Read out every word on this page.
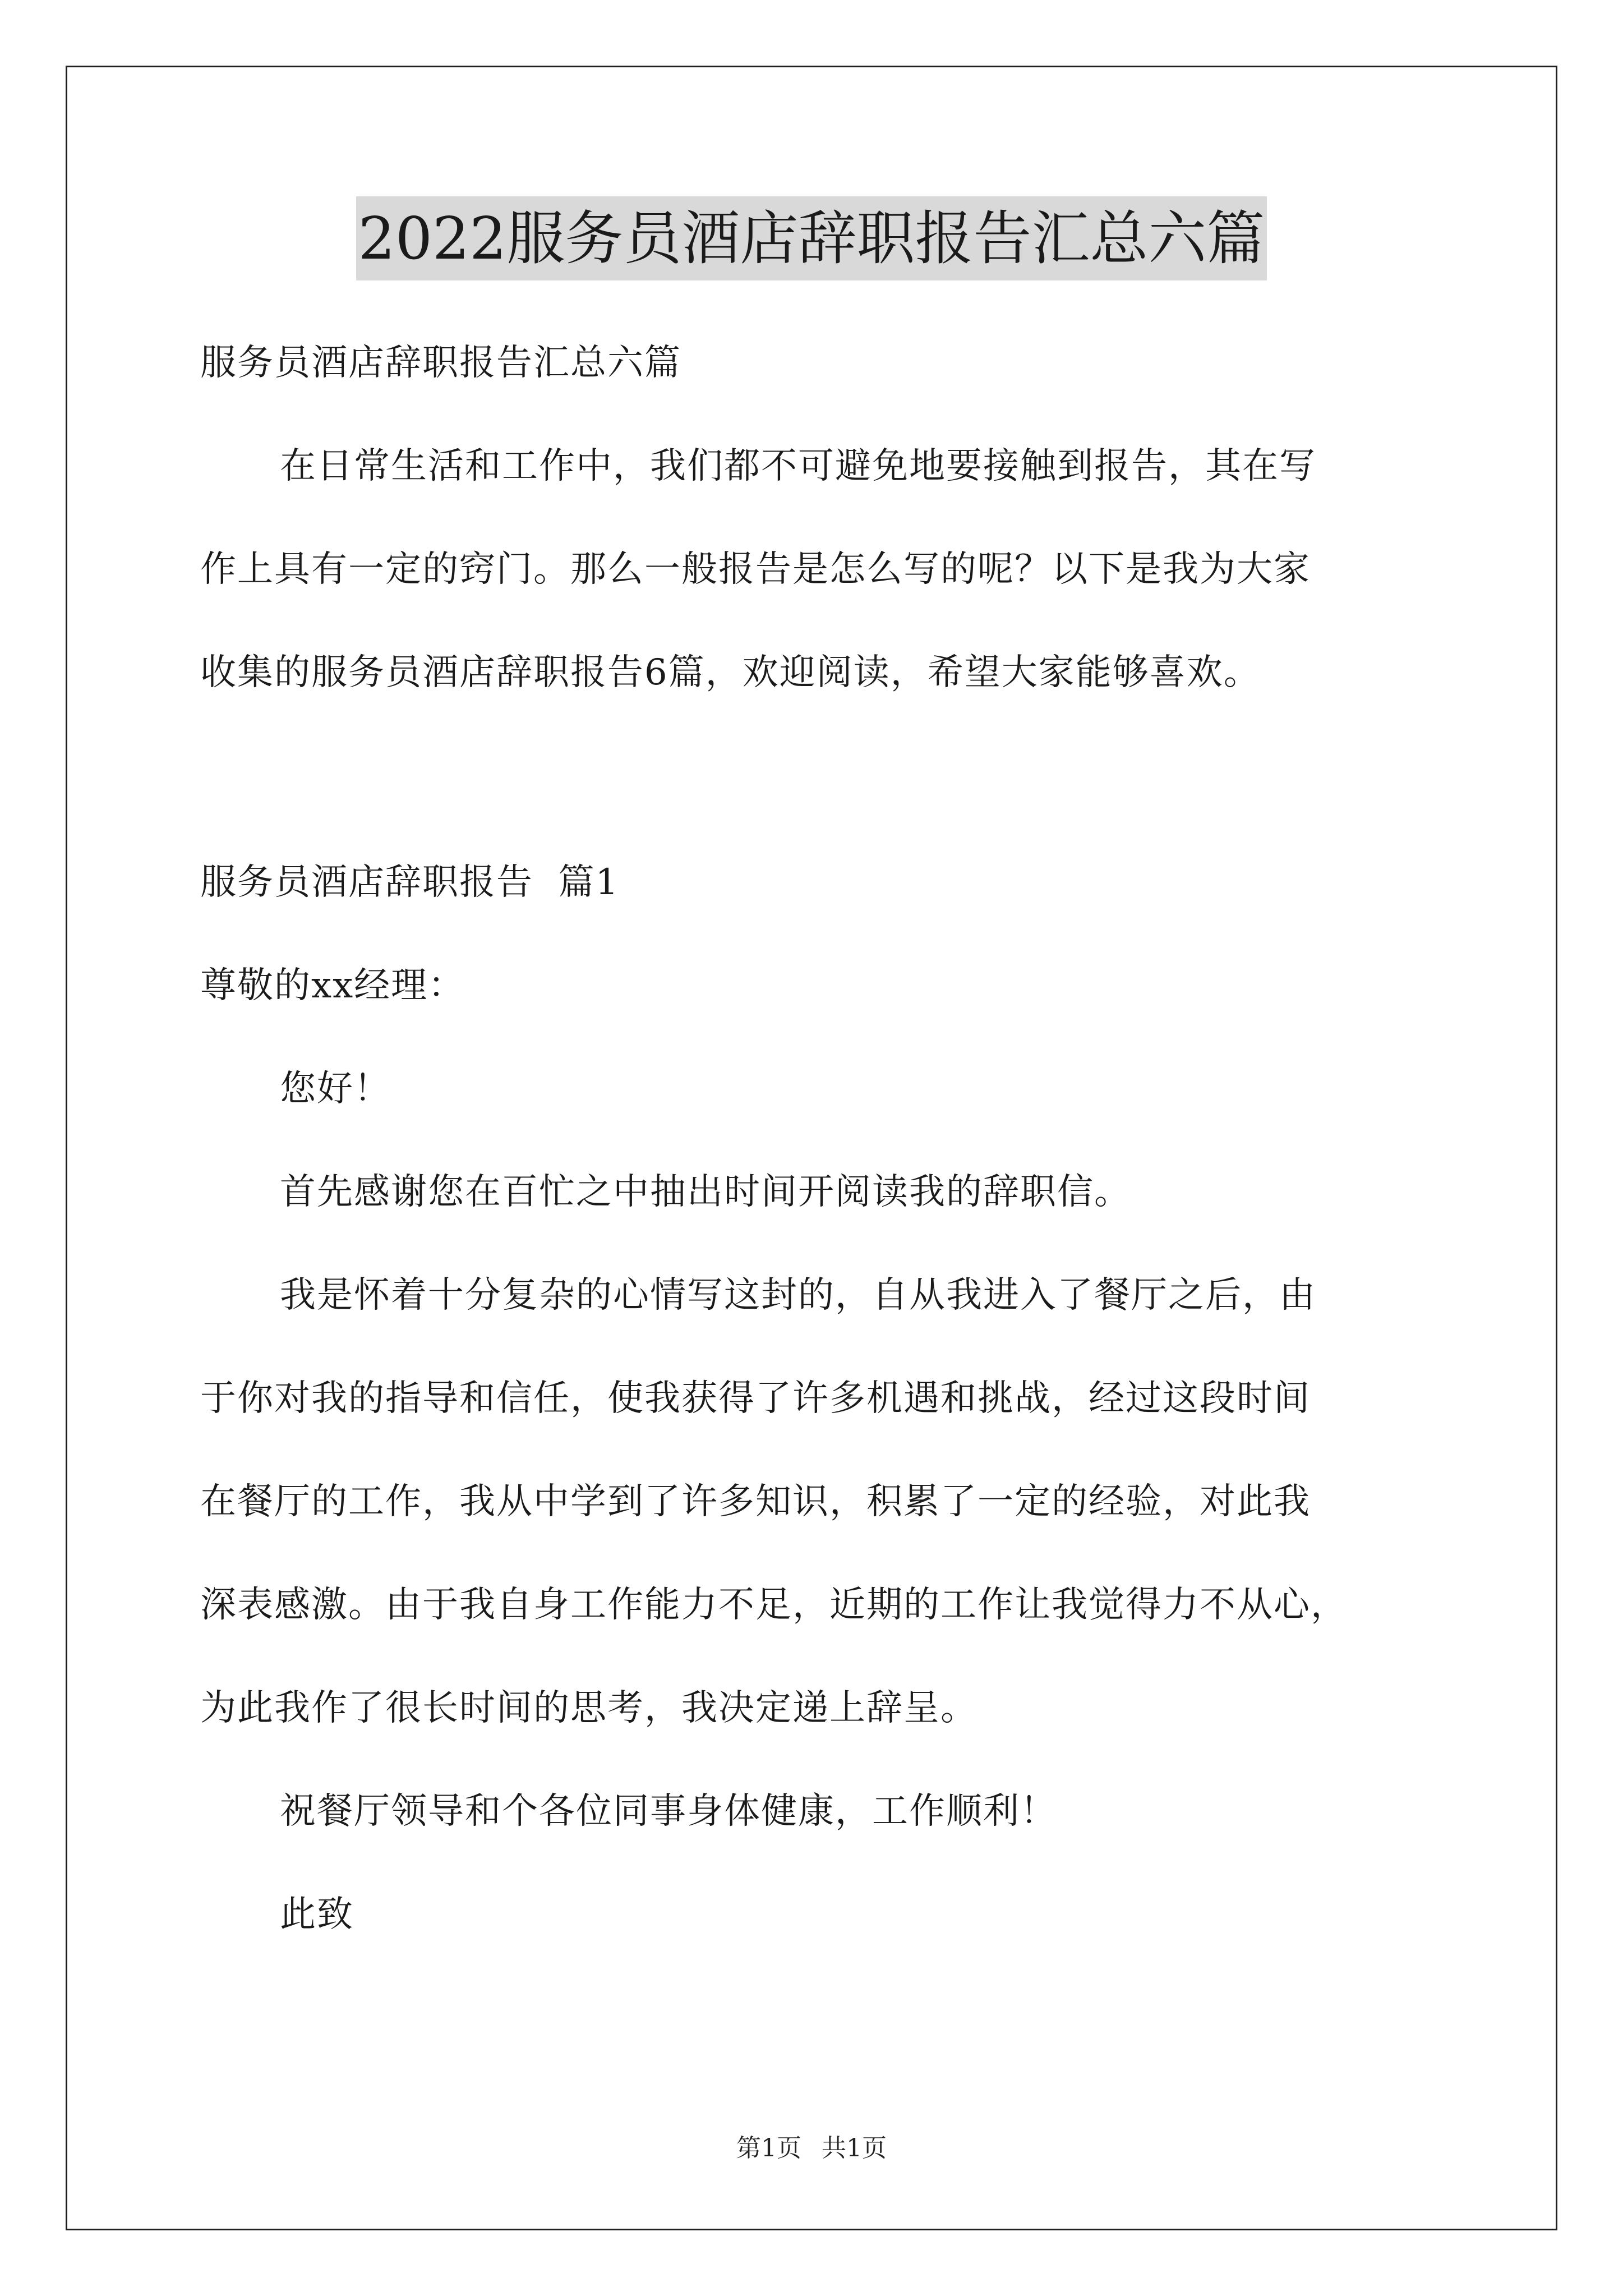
2022服务员酒店辞职报告汇总六篇
服务员酒店辞职报告汇总六篇
在日常生活和工作中，我们都不可避免地要接触到报告，其在写
作上具有一定的窍门。那么一般报告是怎么写的呢？以下是我为大家
收集的服务员酒店辞职报告6篇，欢迎阅读，希望大家能够喜欢。
服务员酒店辞职报告  篇1
尊敬的xx经理：
您好！
首先感谢您在百忙之中抽出时间开阅读我的辞职信。
我是怀着十分复杂的心情写这封的，自从我进入了餐厅之后，由
于你对我的指导和信任，使我获得了许多机遇和挑战，经过这段时间
在餐厅的工作，我从中学到了许多知识，积累了一定的经验，对此我
深表感激。由于我自身工作能力不足，近期的工作让我觉得力不从心，
为此我作了很长时间的思考，我决定递上辞呈。
祝餐厅领导和个各位同事身体健康，工作顺利！
此致
第1页 共1页
